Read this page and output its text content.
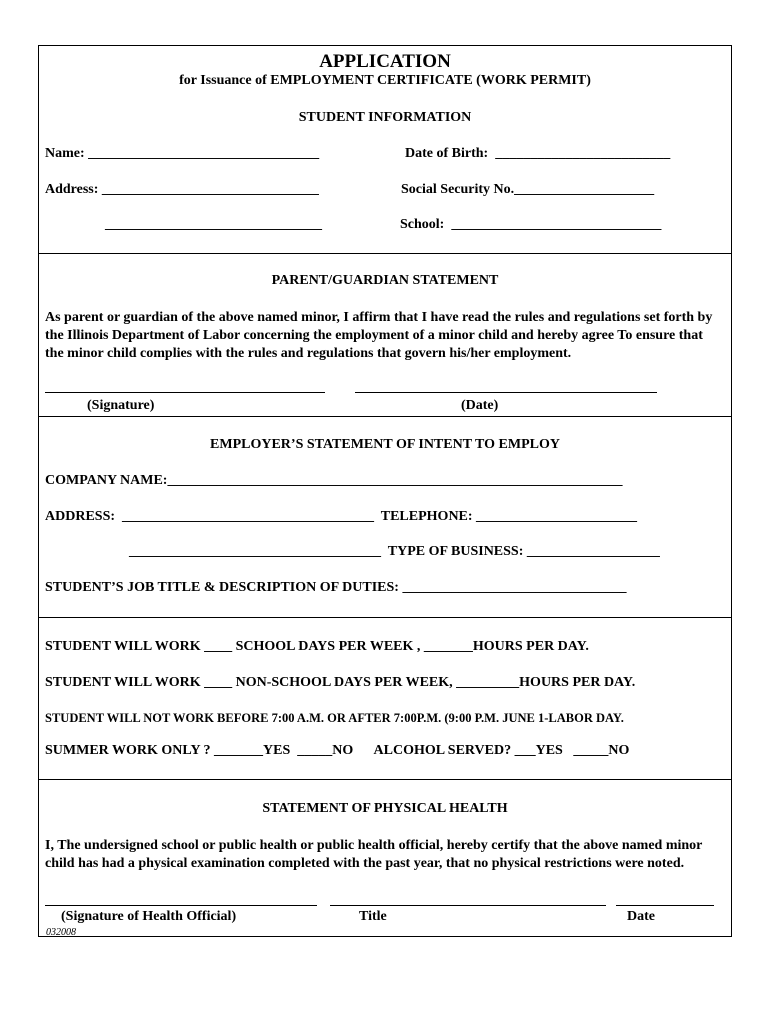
APPLICATION
for Issuance of EMPLOYMENT CERTIFICATE (WORK PERMIT)
STUDENT INFORMATION
Name: _________________________________	Date of Birth:  _________________________
Address: _______________________________	Social Security No.____________________
_______________________________	School:  ______________________________
PARENT/GUARDIAN STATEMENT
As parent or guardian of the above named minor, I affirm that I have read the rules and regulations set forth by the Illinois Department of Labor concerning the employment of a minor child and hereby agree To ensure that the minor child complies with the rules and regulations that govern his/her employment.
(Signature)	(Date)
EMPLOYER’S STATEMENT OF INTENT TO EMPLOY
COMPANY NAME:_________________________________________________________________
ADDRESS:  ____________________________________  TELEPHONE: _______________________
____________________________________  TYPE OF BUSINESS: ___________________
STUDENT’S JOB TITLE & DESCRIPTION OF DUTIES: ________________________________
STUDENT WILL WORK ____ SCHOOL DAYS PER WEEK , _______HOURS PER DAY.
STUDENT WILL WORK ____ NON-SCHOOL DAYS PER WEEK, _________HOURS PER DAY.
STUDENT WILL NOT WORK BEFORE 7:00 A.M. OR AFTER 7:00P.M. (9:00 P.M. JUNE 1-LABOR DAY.
SUMMER WORK ONLY ? _______YES  _____NO      ALCOHOL SERVED? ___YES   _____NO
STATEMENT OF PHYSICAL HEALTH
I, The undersigned school or public health or public health official, hereby certify that the above named minor child has had a physical examination completed with the past year, that no physical restrictions were noted.
(Signature of Health Official)	Title	Date
032008
